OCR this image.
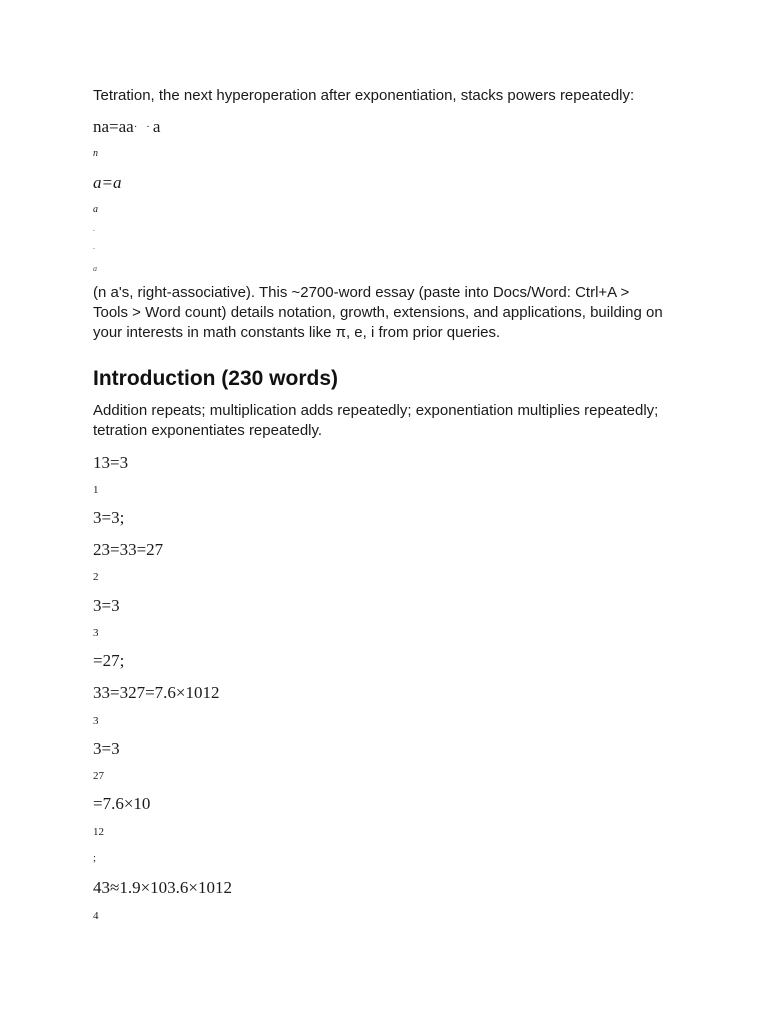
Tetration, the next hyperoperation after exponentiation, stacks powers repeatedly:

na=aa· ·a
n
a=a
a
.
.
a

(n a's, right-associative). This ~2700-word essay (paste into Docs/Word: Ctrl+A > Tools > Word count) details notation, growth, extensions, and applications, building on your interests in math constants like π, e, i from prior queries.

Introduction (230 words)

Addition repeats; multiplication adds repeatedly; exponentiation multiplies repeatedly; tetration exponentiates repeatedly.

13=3
1
3=3;
23=33=27
2
3=3
3
=27;
33=327=7.6×1012
3
3=3
27
=7.6×10
12
;
43≈1.9×103.6×1012
4
